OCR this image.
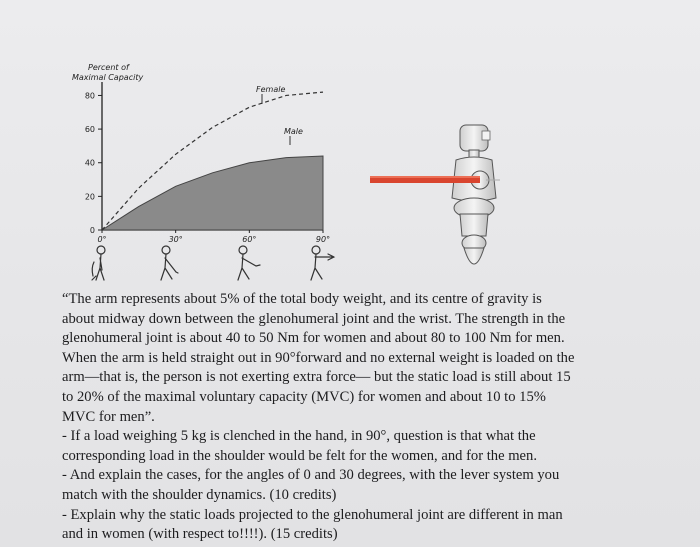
Percent of
Maximal Capacity
0
20
40
60
80
0°	30°	60°	90°
Female
Male
“The arm represents about 5% of the total body weight, and its centre of gravity is
about midway down between the glenohumeral joint and the wrist. The strength in the
glenohumeral joint is about 40 to 50 Nm for women and about 80 to 100 Nm for men.
When the arm is held straight out in 90°forward and no external weight is loaded on the
arm—that is, the person is not exerting extra force— but the static load is still about 15
to 20% of the maximal voluntary capacity (MVC) for women and about 10 to 15%
MVC for men”.
- If a load weighing 5 kg is clenched in the hand, in 90°, question is that what the
corresponding load in the shoulder would be felt for the women, and for the men.
- And explain the cases, for the angles of 0 and 30 degrees, with the lever system you
match with the shoulder dynamics. (10 credits)
- Explain why the static loads projected to the glenohumeral joint are different in man
and in women (with respect to!!!!). (15 credits)
